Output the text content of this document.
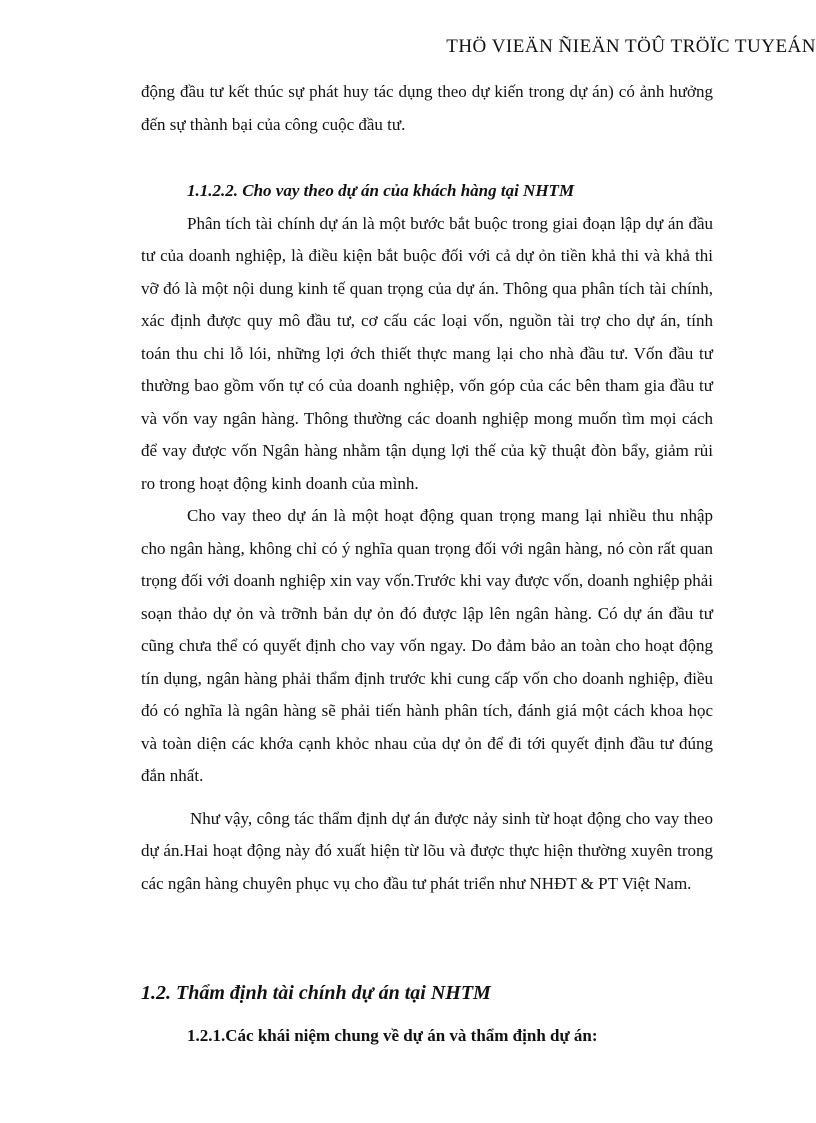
THÖ VIEÄN ÑIEÄN TÖÛ TRÖÏC TUYEÁN

động đầu tư kết thúc sự phát huy tác dụng theo dự kiến trong dự án) có ảnh hưởng đến sự thành bại của công cuộc đầu tư.

1.1.2.2. Cho vay theo dự án của khách hàng tại NHTM

Phân tích tài chính dự án là một bước bắt buộc trong giai đoạn lập dự án đầu tư của doanh nghiệp, là điều kiện bắt buộc đối với cả dự ỏn tiền khả thi và khả thi vỡ đó là một nội dung kinh tế quan trọng của dự án. Thông qua phân tích tài chính, xác định được quy mô đầu tư, cơ cấu các loại vốn, nguồn tài trợ cho dự án, tính toán thu chi lỗ lói, những lợi ớch thiết thực mang lại cho nhà đầu tư. Vốn đầu tư thường bao gồm vốn tự có của doanh nghiệp, vốn góp của các bên tham gia đầu tư và vốn vay ngân hàng. Thông thường các doanh nghiệp mong muốn tìm mọi cách để vay được vốn Ngân hàng nhằm tận dụng lợi thế của kỹ thuật đòn bẩy, giảm rủi ro trong hoạt động kinh doanh của mình.

Cho vay theo dự án là một hoạt động quan trọng mang lại nhiều thu nhập cho ngân hàng, không chỉ có ý nghĩa quan trọng đối với ngân hàng, nó còn rất quan trọng đối với doanh nghiệp xin vay vốn.Trước khi vay được vốn, doanh nghiệp phải soạn thảo dự ỏn và trỡnh bản dự ỏn đó được lập lên ngân hàng. Có dự án đầu tư cũng chưa thể có quyết định cho vay vốn ngay. Do đảm bảo an toàn cho hoạt động tín dụng, ngân hàng phải thẩm định trước khi cung cấp vốn cho doanh nghiệp, điều đó có nghĩa là ngân hàng sẽ phải tiến hành phân tích, đánh giá một cách khoa học và toàn diện các khớa cạnh khỏc nhau của dự ỏn để đi tới quyết định đầu tư đúng đắn nhất.

Như vậy, công tác thẩm định dự án được nảy sinh từ hoạt động cho vay theo dự án.Hai hoạt động này đó xuất hiện từ lõu và được thực hiện thường xuyên trong các ngân hàng chuyên phục vụ cho đầu tư phát triển như NHĐT & PT Việt Nam.

1.2. Thẩm định tài chính dự án tại NHTM
1.2.1.Các khái niệm chung về dự án và thẩm định dự án:
